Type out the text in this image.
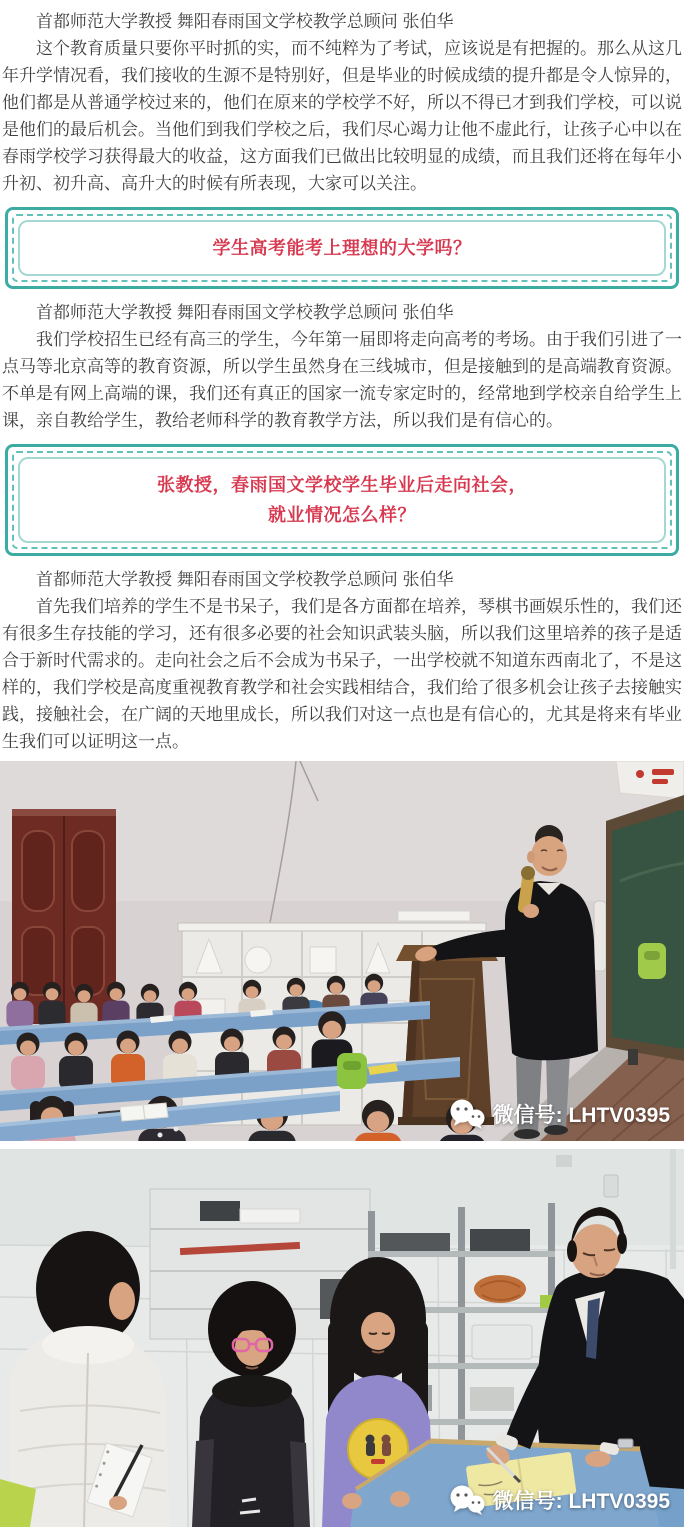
首都师范大学教授 舞阳春雨国文学校教学总顾问 张伯华

这个教育质量只要你平时抓的实，而不纯粹为了考试，应该说是有把握的。那么从这几年升学情况看，我们接收的生源不是特别好，但是毕业的时候成绩的提升都是令人惊异的，他们都是从普通学校过来的，他们在原来的学校学不好，所以不得已才到我们学校，可以说是他们的最后机会。当他们到我们学校之后，我们尽心竭力让他不虚此行，让孩子心中以在春雨学校学习获得最大的收益，这方面我们已做出比较明显的成绩，而且我们还将在每年小升初、初升高、高升大的时候有所表现，大家可以关注。

学生高考能考上理想的大学吗？

首都师范大学教授 舞阳春雨国文学校教学总顾问 张伯华

我们学校招生已经有高三的学生，今年第一届即将走向高考的考场。由于我们引进了一点马等北京高等的教育资源，所以学生虽然身在三线城市，但是接触到的是高端教育资源。不单是有网上高端的课，我们还有真正的国家一流专家定时的，经常地到学校亲自给学生上课，亲自教给学生，教给老师科学的教育教学方法，所以我们是有信心的。

张教授，春雨国文学校学生毕业后走向社会，

就业情况怎么样？

首都师范大学教授 舞阳春雨国文学校教学总顾问 张伯华

首先我们培养的学生不是书呆子，我们是各方面都在培养，琴棋书画娱乐性的，我们还有很多生存技能的学习，还有很多必要的社会知识武装头脑，所以我们这里培养的孩子是适合于新时代需求的。走向社会之后不会成为书呆子，一出学校就不知道东西南北了，不是这样的，我们学校是高度重视教育教学和社会实践相结合，我们给了很多机会让孩子去接触实践，接触社会，在广阔的天地里成长，所以我们对这一点也是有信心的，尤其是将来有毕业生我们可以证明这一点。

微信号: LHTV0395
微信号: LHTV0395
